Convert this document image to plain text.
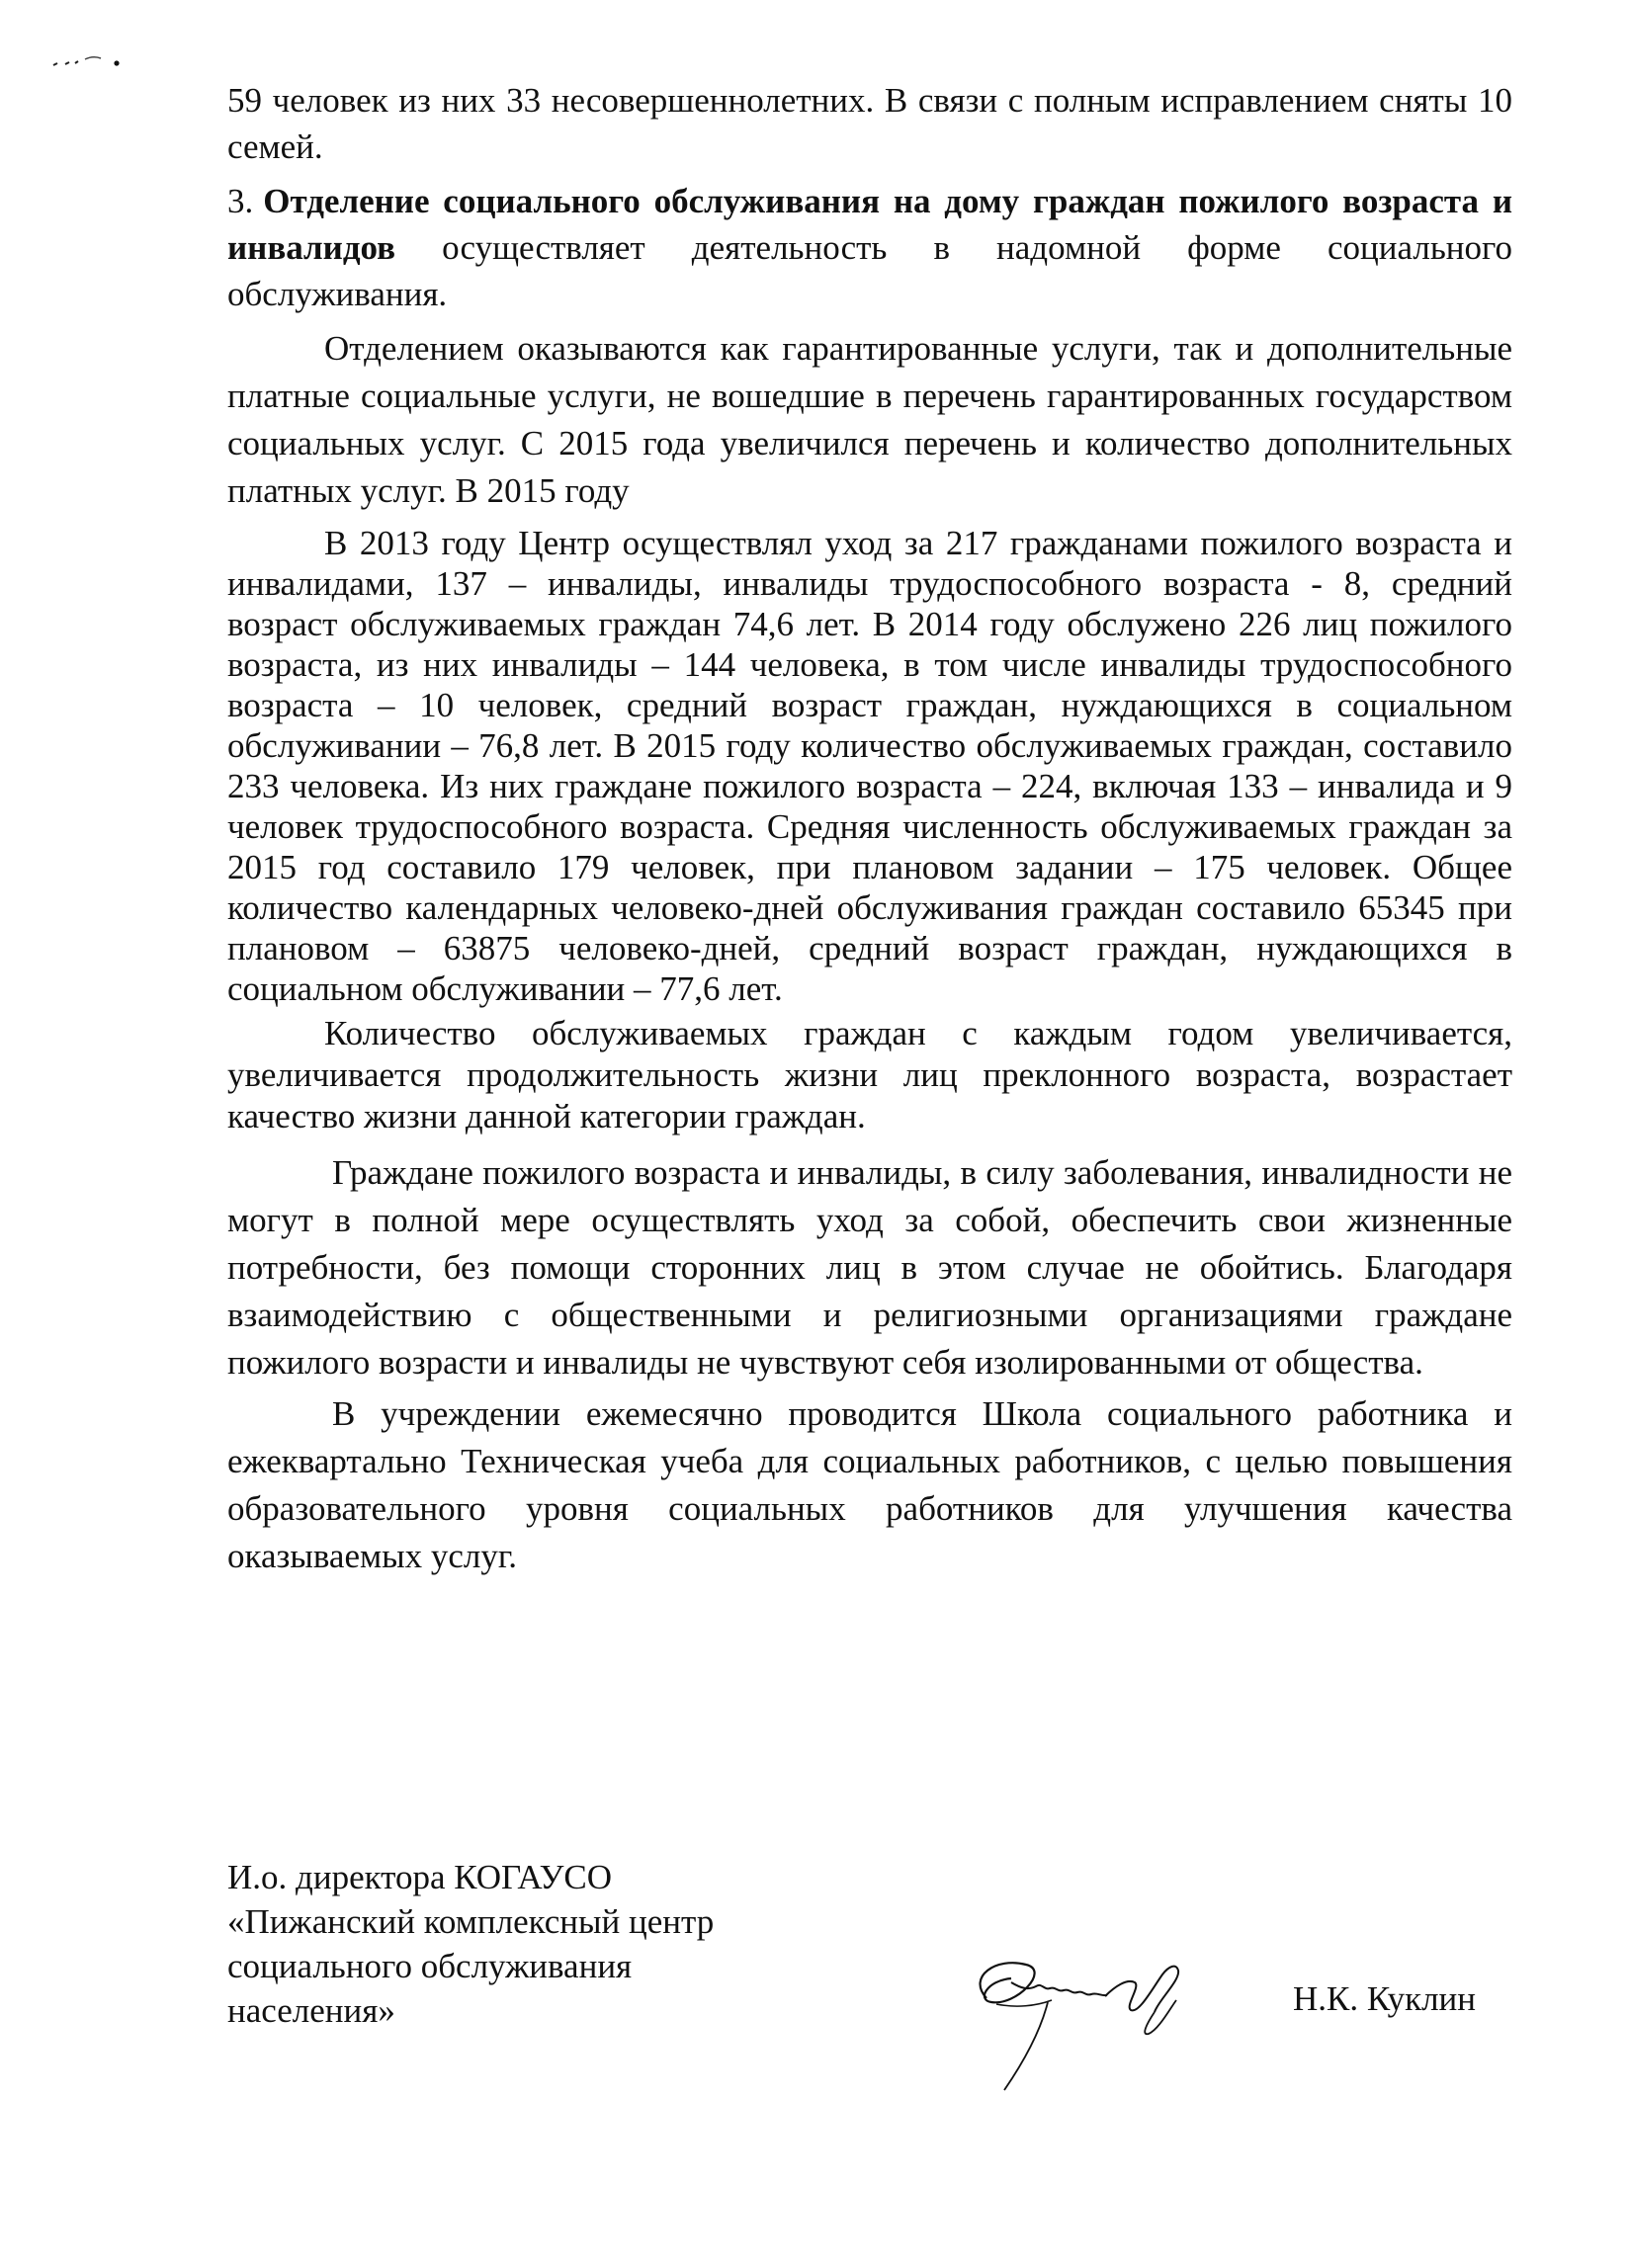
59 человек из них 33 несовершеннолетних. В связи с полным исправлением сняты 10 семей.

3. Отделение социального обслуживания на дому граждан пожилого возраста и инвалидов осуществляет деятельность в надомной форме социального обслуживания.

Отделением оказываются как гарантированные услуги, так и дополнительные платные социальные услуги, не вошедшие в перечень гарантированных государством социальных услуг. С 2015 года увеличился перечень и количество дополнительных платных услуг. В 2015 году

В 2013 году Центр осуществлял уход за 217 гражданами пожилого возраста и инвалидами, 137 – инвалиды, инвалиды трудоспособного возраста - 8, средний возраст обслуживаемых граждан 74,6 лет. В 2014 году обслужено 226 лиц пожилого возраста, из них инвалиды – 144 человека, в том числе инвалиды трудоспособного возраста – 10 человек, средний возраст граждан, нуждающихся в социальном обслуживании – 76,8 лет. В 2015 году количество обслуживаемых граждан, составило 233 человека. Из них граждане пожилого возраста – 224, включая 133 – инвалида и 9 человек трудоспособного возраста. Средняя численность обслуживаемых граждан за 2015 год составило 179 человек, при плановом задании – 175 человек. Общее количество календарных человеко-дней обслуживания граждан составило 65345 при плановом – 63875 человеко-дней, средний возраст граждан, нуждающихся в социальном обслуживании – 77,6 лет.

Количество обслуживаемых граждан с каждым годом увеличивается, увеличивается продолжительность жизни лиц преклонного возраста, возрастает качество жизни данной категории граждан.

Граждане пожилого возраста и инвалиды, в силу заболевания, инвалидности не могут в полной мере осуществлять уход за собой, обеспечить свои жизненные потребности, без помощи сторонних лиц в этом случае не обойтись. Благодаря взаимодействию с общественными и религиозными организациями граждане пожилого возрасти и инвалиды не чувствуют себя изолированными от общества.

В учреждении ежемесячно проводится Школа социального работника и ежеквартально Техническая учеба для социальных работников, с целью повышения образовательного уровня социальных работников для улучшения качества оказываемых услуг.

И.о. директора КОГАУСО
«Пижанский комплексный центр
социального обслуживания
населения»	Н.К. Куклин
